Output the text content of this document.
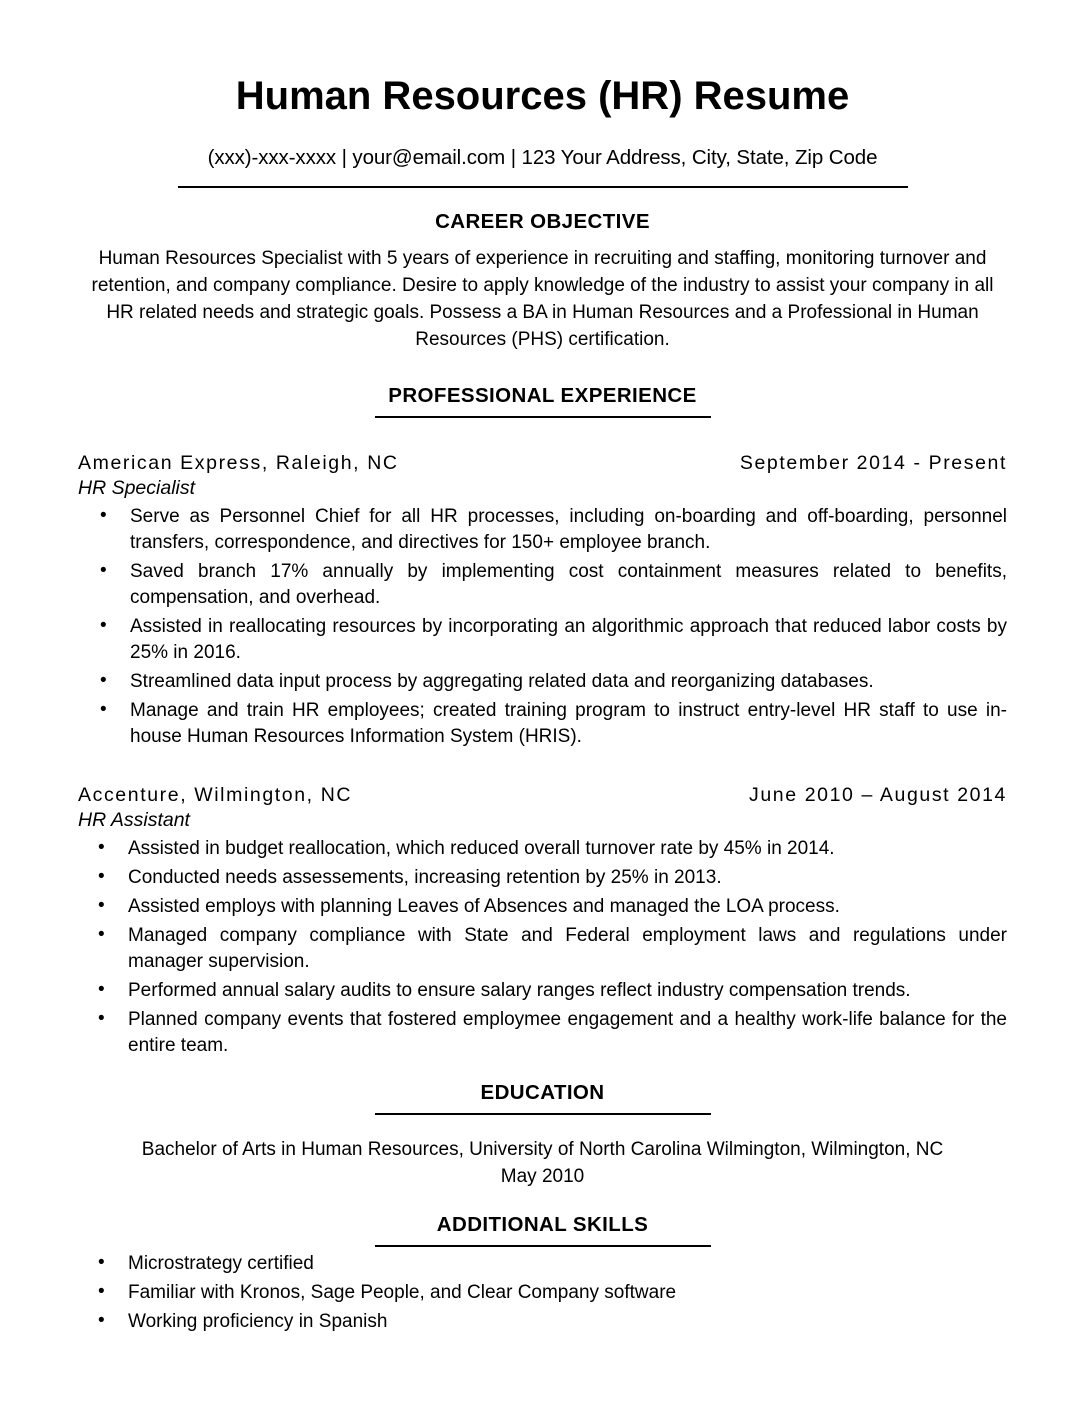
Human Resources (HR) Resume
(xxx)-xxx-xxxx | your@email.com | 123 Your Address, City, State, Zip Code
CAREER OBJECTIVE
Human Resources Specialist with 5 years of experience in recruiting and staffing, monitoring turnover and retention, and company compliance. Desire to apply knowledge of the industry to assist your company in all HR related needs and strategic goals. Possess a BA in Human Resources and a Professional in Human Resources (PHS) certification.
PROFESSIONAL EXPERIENCE
American Express, Raleigh, NC	September 2014 - Present
HR Specialist
• Serve as Personnel Chief for all HR processes, including on-boarding and off-boarding, personnel transfers, correspondence, and directives for 150+ employee branch.
• Saved branch 17% annually by implementing cost containment measures related to benefits, compensation, and overhead.
• Assisted in reallocating resources by incorporating an algorithmic approach that reduced labor costs by 25% in 2016.
• Streamlined data input process by aggregating related data and reorganizing databases.
• Manage and train HR employees; created training program to instruct entry-level HR staff to use in-house Human Resources Information System (HRIS).
Accenture, Wilmington, NC	June 2010 – August 2014
HR Assistant
• Assisted in budget reallocation, which reduced overall turnover rate by 45% in 2014.
• Conducted needs assessements, increasing retention by 25% in 2013.
• Assisted employs with planning Leaves of Absences and managed the LOA process.
• Managed company compliance with State and Federal employment laws and regulations under manager supervision.
• Performed annual salary audits to ensure salary ranges reflect industry compensation trends.
• Planned company events that fostered employmee engagement and a healthy work-life balance for the entire team.
EDUCATION
Bachelor of Arts in Human Resources, University of North Carolina Wilmington, Wilmington, NC
May 2010
ADDITIONAL SKILLS
• Microstrategy certified
• Familiar with Kronos, Sage People, and Clear Company software
• Working proficiency in Spanish
